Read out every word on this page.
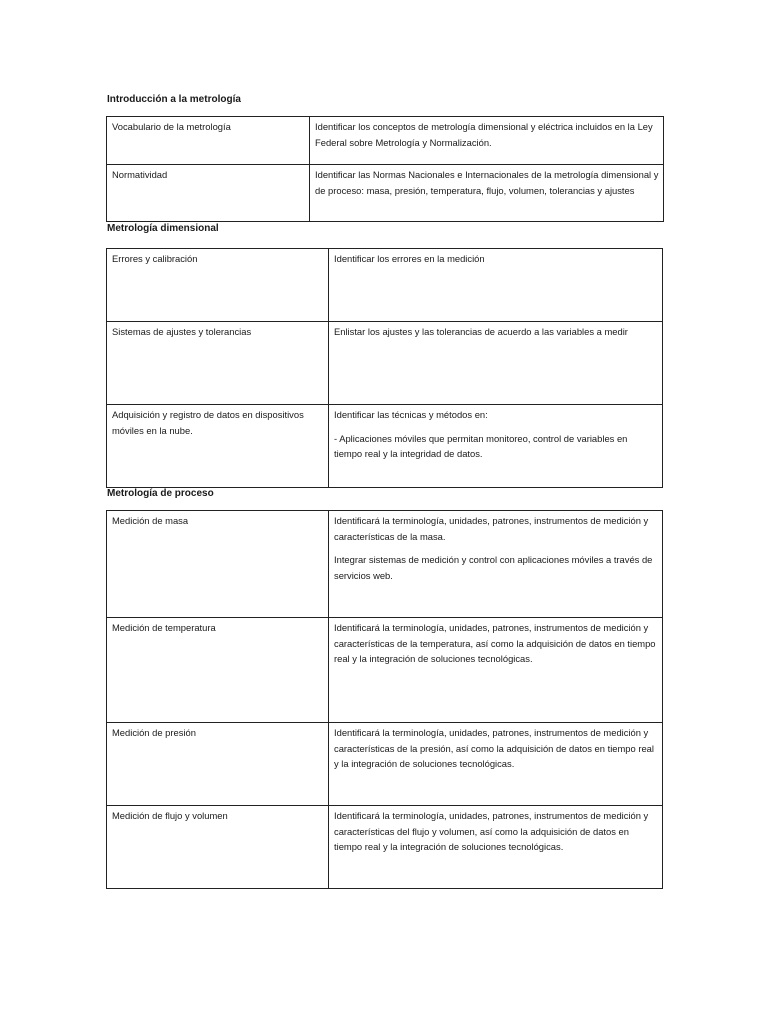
Introducción a la metrología
Vocabulario de la metrología	Identificar los conceptos de metrología dimensional y eléctrica incluidos en la Ley Federal sobre Metrología y Normalización.

Normatividad	Identificar las Normas Nacionales e Internacionales de la metrología dimensional y de proceso: masa, presión, temperatura, flujo, volumen, tolerancias y ajustes

Metrología dimensional
Errores y calibración	Identificar los errores en la medición

Sistemas de ajustes y tolerancias	Enlistar los ajustes y las tolerancias de acuerdo a las variables a medir

Adquisición y registro de datos en dispositivos móviles en la nube.	Identificar las técnicas y métodos en:

- Aplicaciones móviles que permitan monitoreo, control de variables en tiempo real y la integridad de datos.

Metrología de proceso
Medición de masa	Identificará la terminología, unidades, patrones, instrumentos de medición y características de la masa.

Integrar sistemas de medición y control con aplicaciones móviles a través de servicios web.

Medición de temperatura	Identificará la terminología, unidades, patrones, instrumentos de medición y características de la temperatura, así como la adquisición de datos en tiempo real y la integración de soluciones tecnológicas.

Medición de presión	Identificará la terminología, unidades, patrones, instrumentos de medición y características de la presión, así como la adquisición de datos en tiempo real y la integración de soluciones tecnológicas.

Medición de flujo y volumen	Identificará la terminología, unidades, patrones, instrumentos de medición y características del flujo y volumen, así como la adquisición de datos en tiempo real y la integración de soluciones tecnológicas.
